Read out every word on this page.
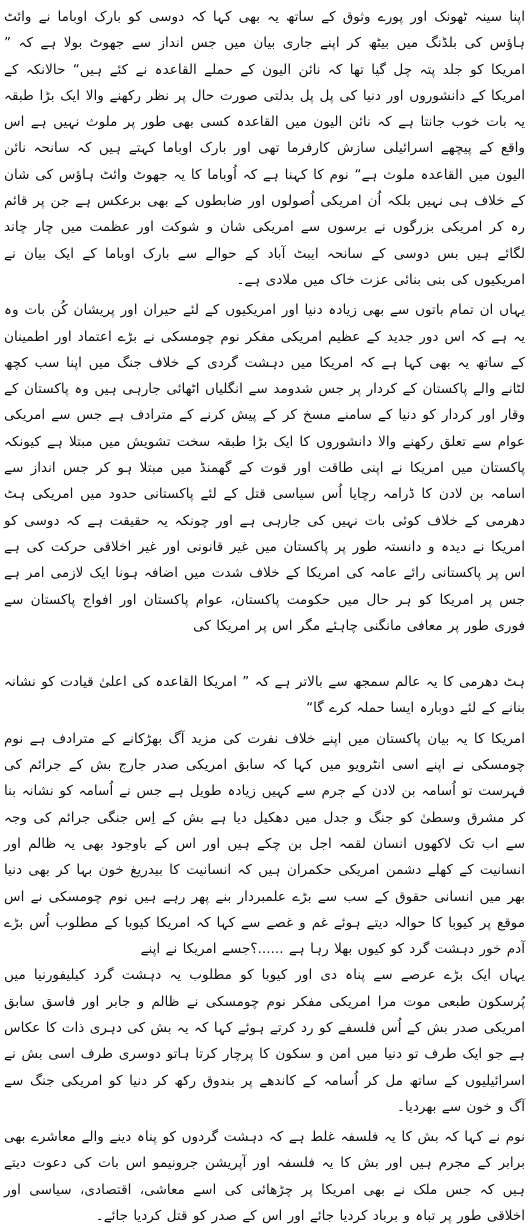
اپنا سینہ ٹھونک اور پورے وثوق کے ساتھ یہ بھی کہا کہ دوسی کو بارک اوباما نے وائٹ ہاؤس کی بلڈنگ میں بیٹھ کر اپنے جاری بیان میں جس انداز سے جھوٹ بولا ہے کہ ” امریکا کو جلد پتہ چل گیا تھا کہ نائن الیون کے حملے القاعدہ نے کئے ہیں“ حالانکہ کے امریکا کے دانشوروں اور دنیا کی پل پل بدلتی صورت حال پر نظر رکھنے والا ایک بڑا طبقہ یہ بات خوب جانتا ہے کہ نائن الیون میں القاعدہ کسی بھی طور پر ملوث نہیں ہے اس واقع کے پیچھے اسرائیلی سازش کارفرما تھی اور بارک اوباما کہتے ہیں کہ سانحہ نائن الیون میں القاعدہ ملوث ہے“ نوم کا کہنا ہے کہ اُوباما کا یہ جھوٹ وائٹ ہاؤس کی شان کے خلاف ہی نہیں بلکہ اُن امریکی اُصولوں اور ضابطوں کے بھی برعکس ہے جن پر قائم رہ کر امریکی بزرگوں نے برسوں سے امریکی شان و شوکت اور عظمت میں چار چاند لگائے ہیں بس دوسی کے سانحہ ایبٹ آباد کے حوالے سے بارک اوباما کے ایک بیان نے امریکیوں کی بنی بنائی عزت خاک میں ملادی ہے۔

یہاں ان تمام باتوں سے بھی زیادہ دنیا اور امریکیوں کے لئے حیران اور پریشان کُن بات وہ یہ ہے کہ اس دور جدید کے عظیم امریکی مفکر نوم چومسکی نے بڑے اعتماد اور اطمینان کے ساتھ یہ بھی کہا ہے کہ امریکا میں دہشت گردی کے خلاف جنگ میں اپنا سب کچھ لٹانے والے پاکستان کے کردار پر جس شدومد سے انگلیاں اٹھائی جارہی ہیں وہ پاکستان کے وقار اور کردار کو دنیا کے سامنے مسخ کر کے پیش کرنے کے مترادف ہے جس سے امریکی عوام سے تعلق رکھنے والا دانشوروں کا ایک بڑا طبقہ سخت تشویش میں مبتلا ہے کیونکہ پاکستان میں امریکا نے اپنی طاقت اور قوت کے گھمنڈ میں مبتلا ہو کر جس انداز سے اسامہ بن لادن کا ڈرامہ رچایا اُس سیاسی قتل کے لئے پاکستانی حدود میں امریکی ہٹ دھرمی کے خلاف کوئی بات نہیں کی جارہی ہے اور چونکہ یہ حقیقت ہے کہ دوسی کو امریکا نے دیدہ و دانستہ طور پر پاکستان میں غیر قانونی اور غیر اخلاقی حرکت کی ہے اس پر پاکستانی رائے عامہ کی امریکا کے خلاف شدت میں اضافہ ہونا ایک لازمی امر ہے جس پر امریکا کو ہر حال میں حکومت پاکستان، عوام پاکستان اور افواج پاکستان سے فوری طور پر معافی مانگنی چاہئے مگر اس پر امریکا کی

ہٹ دھرمی کا یہ عالم سمجھ سے بالاتر ہے کہ ” امریکا القاعدہ کی اعلیٰ قیادت کو نشانہ بنانے کے لئے دوبارہ ایسا حملہ کرے گا“

امریکا کا یہ بیان پاکستان میں اپنے خلاف نفرت کی مزید آگ بھڑکانے کے مترادف ہے نوم چومسکی نے اپنے اسی انٹرویو میں کہا کہ سابق امریکی صدر جارج بش کے جرائم کی فہرست تو اُسامہ بن لادن کے جرم سے کہیں زیادہ طویل ہے جس نے اُسامہ کو نشانہ بنا کر مشرق وسطیٰ کو جنگ و جدل میں دھکیل دیا ہے بش کے اِس جنگی جرائم کی وجہ سے اب تک لاکھوں انسان لقمہ اجل بن چکے ہیں اور اس کے باوجود بھی یہ ظالم اور انسانیت کے کھلے دشمن امریکی حکمران ہیں کہ انسانیت کا بیدریغ خون بہا کر بھی دنیا بھر میں انسانی حقوق کے سب سے بڑے علمبردار بنے پھر رہے ہیں نوم چومسکی نے اس موقع پر کیوبا کا حوالہ دیتے ہوئے غم و غصے سے کہا کہ امریکا کیوبا کے مطلوب اُس بڑے آدم خور دہشت گرد کو کیوں بھلا رہا ہے ......؟جسے امریکا نے اپنے

یہاں ایک بڑے عرصے سے پناہ دی اور کیوبا کو مطلوب یہ دہشت گرد کیلیفورنیا میں پُرسکون طبعی موت مرا امریکی مفکر نوم چومسکی نے ظالم و جابر اور فاسق سابق امریکی صدر بش کے اُس فلسفے کو رد کرتے ہوئے کہا کہ یہ بش کی دہری ذات کا عکاس ہے جو ایک طرف تو دنیا میں امن و سکون کا پرچار کرتا ہاتو دوسری طرف اسی بش نے اسرائیلیوں کے ساتھ مل کر اُسامہ کے کاندھے پر بندوق رکھ کر دنیا کو امریکی جنگ سے آگ و خون سے بھردیا۔

نوم نے کہا کہ بش کا یہ فلسفہ غلط ہے کہ دہشت گردوں کو پناہ دینے والے معاشرے بھی برابر کے مجرم ہیں اور بش کا یہ فلسفہ اور آپریشن جرونیمو اس بات کی دعوت دیتے ہیں کہ جس ملک نے بھی امریکا پر چڑھائی کی اسے معاشی، اقتصادی، سیاسی اور اخلاقی طور پر تباہ و برباد کردیا جائے اور اس کے صدر کو قتل کردیا جائے۔
